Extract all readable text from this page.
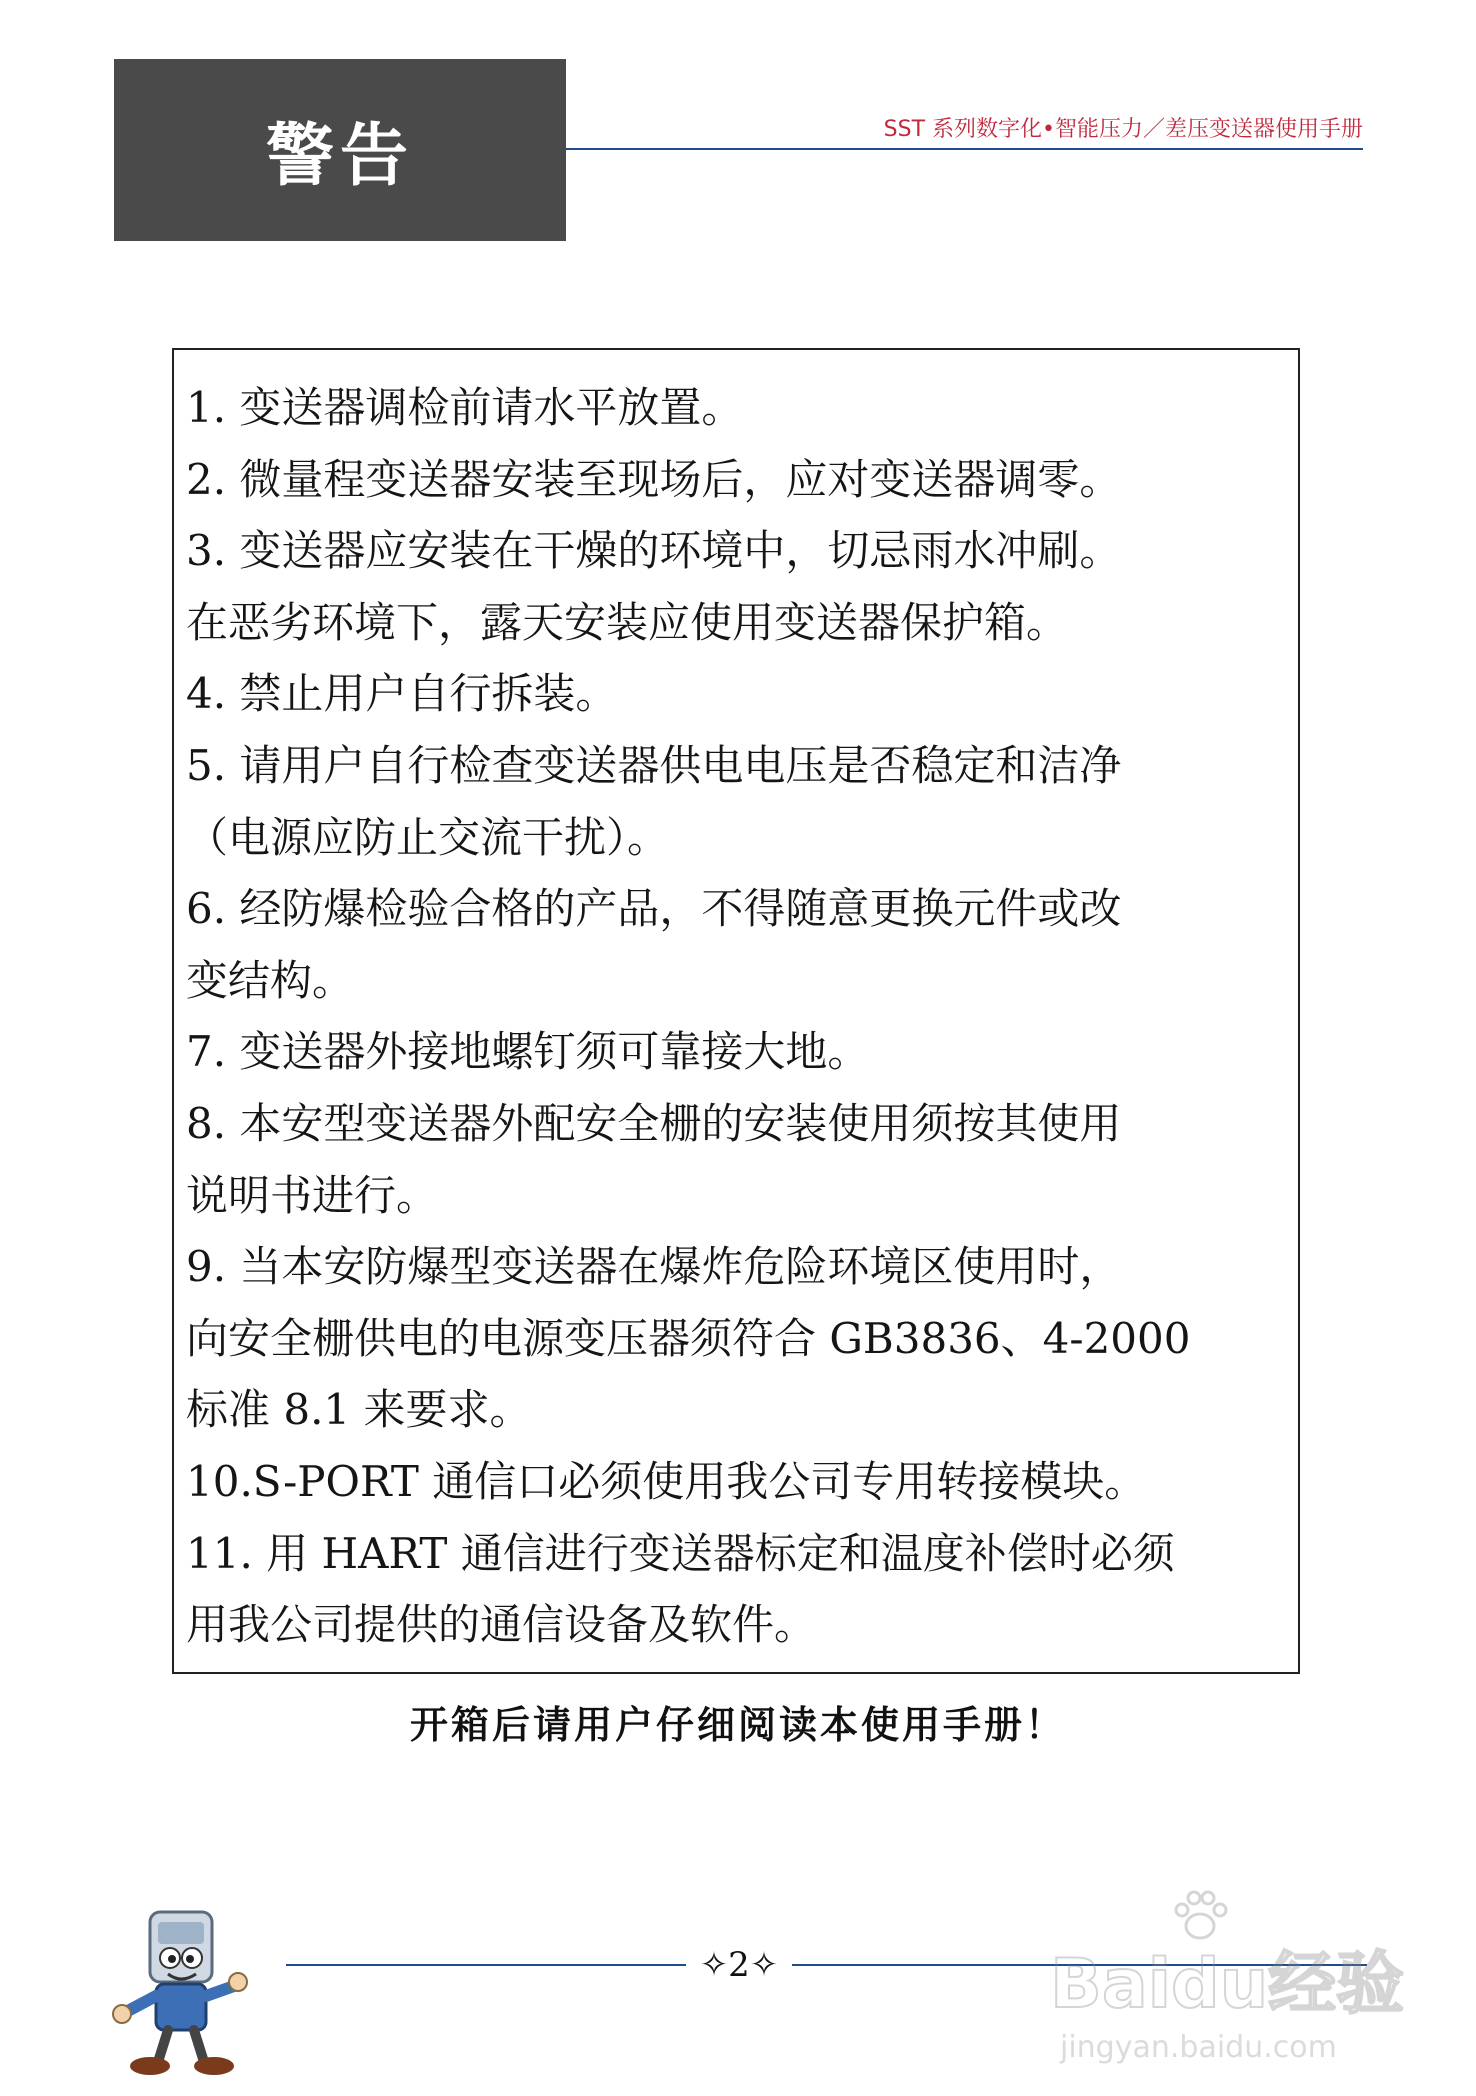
警告	SST 系列数字化•智能压力／差压变送器使用手册
1. 变送器调检前请水平放置。
2. 微量程变送器安装至现场后，应对变送器调零。
3. 变送器应安装在干燥的环境中，切忌雨水冲刷。
在恶劣环境下，露天安装应使用变送器保护箱。
4. 禁止用户自行拆装。
5. 请用户自行检查变送器供电电压是否稳定和洁净
（电源应防止交流干扰）。
6. 经防爆检验合格的产品，不得随意更换元件或改
变结构。
7. 变送器外接地螺钉须可靠接大地。
8. 本安型变送器外配安全栅的安装使用须按其使用
说明书进行。
9. 当本安防爆型变送器在爆炸危险环境区使用时，
向安全栅供电的电源变压器须符合 GB3836、4-2000
标准 8.1 来要求。
10.S-PORT 通信口必须使用我公司专用转接模块。
11. 用 HART 通信进行变送器标定和温度补偿时必须
用我公司提供的通信设备及软件。
开箱后请用户仔细阅读本使用手册！
✧2✧	Baidu经验
jingyan.baidu.com
